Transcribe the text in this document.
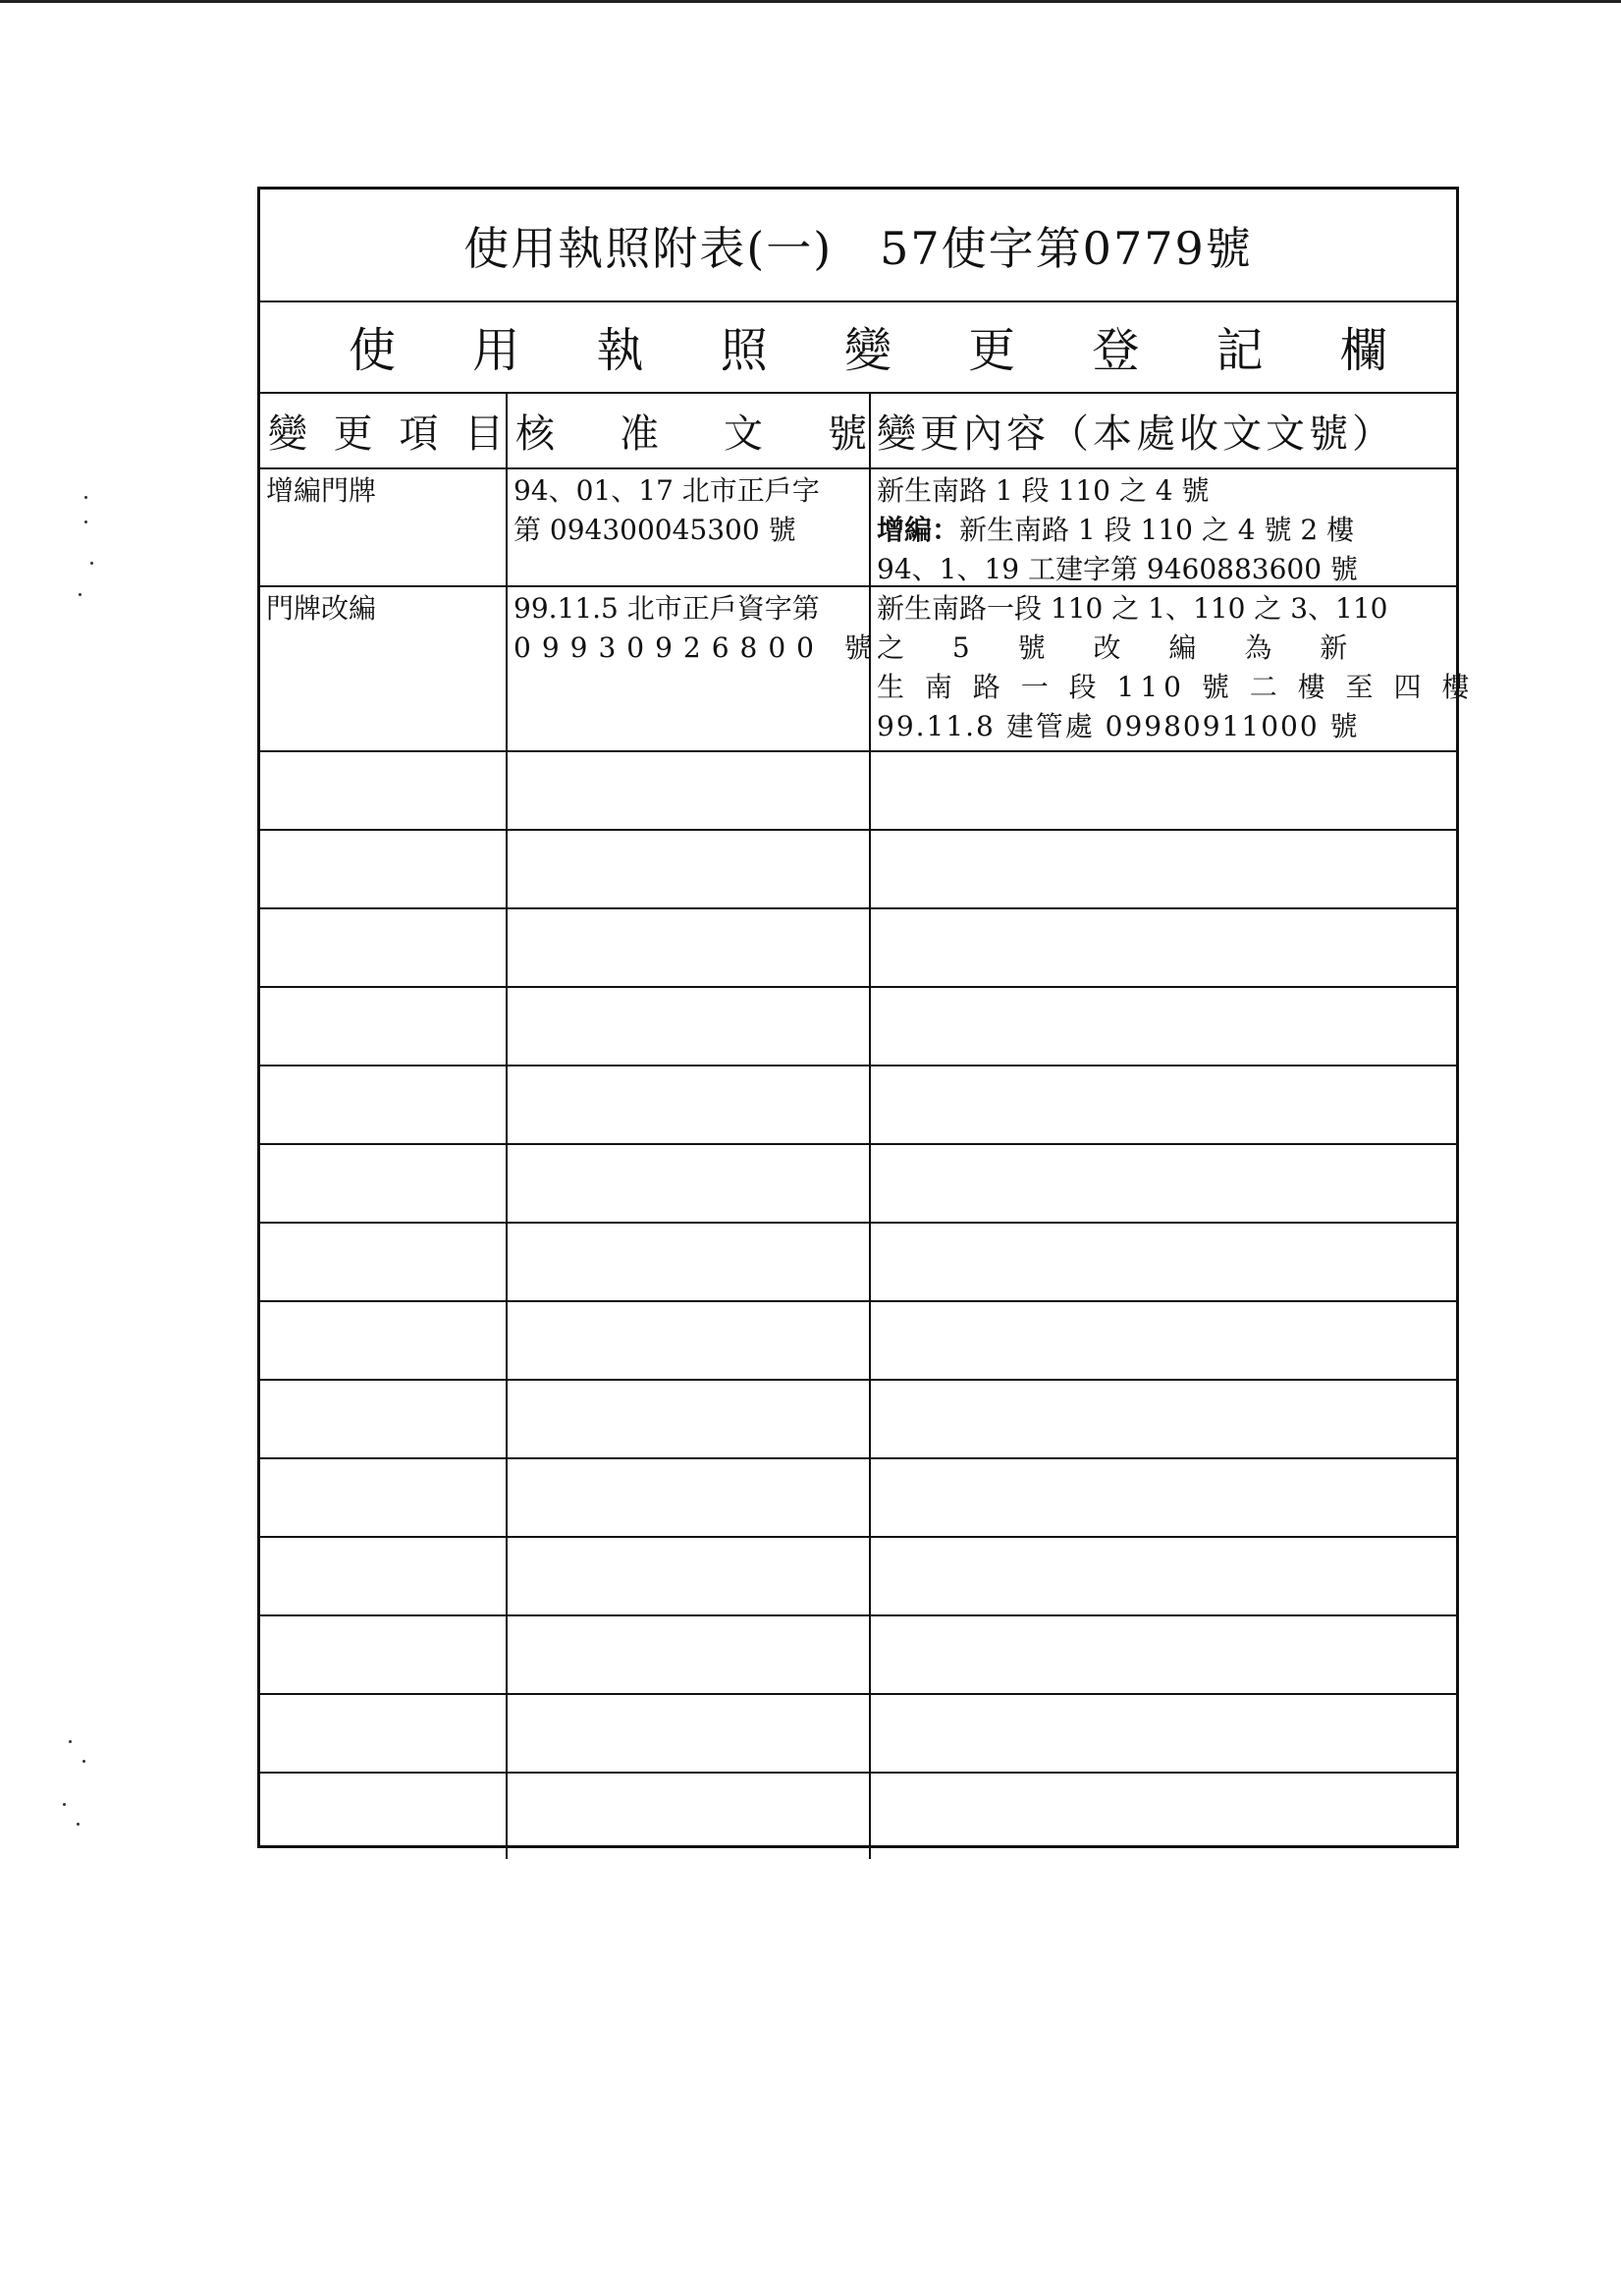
使用執照附表(一)　57使字第0779號
使 用 執 照 變 更 登 記 欄
變 更 項 目 核 准 文 號 變更內容（本處收文文號）
增編門牌	94、01、17 北市正戶字
第 094300045300 號
新生南路 1 段 110 之 4 號
增編：新生南路 1 段 110 之 4 號 2 樓
94、1、19 工建字第 9460883600 號
門牌改編	99.11.5 北市正戶資字第
09930926800 號
新生南路一段 110 之 1、110 之 3、110
之 5 號 改 編 為 新
生 南 路 一 段 110 號 二 樓 至 四 樓
99.11.8 建管處 09980911000 號
